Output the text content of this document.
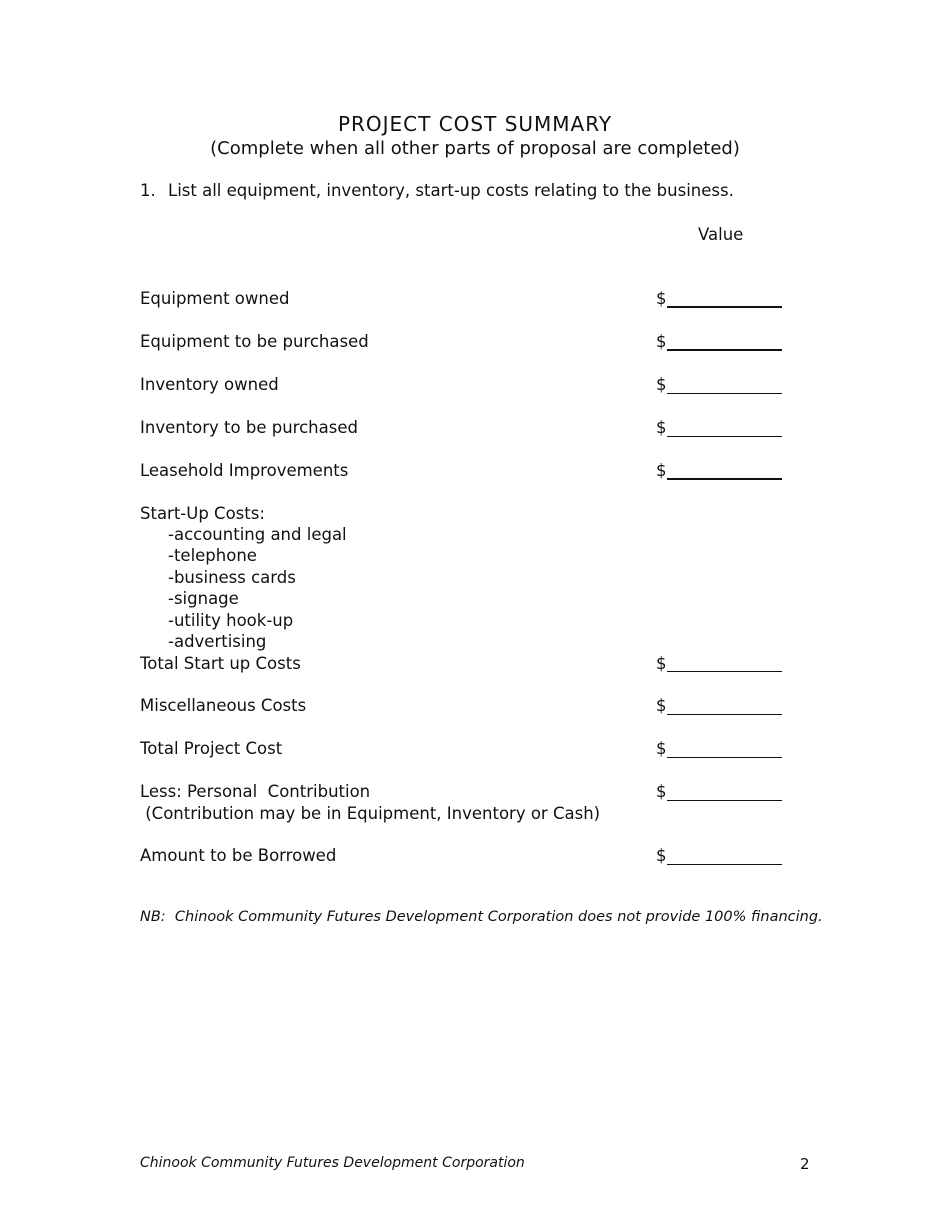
PROJECT COST SUMMARY
(Complete when all other parts of proposal are completed)
1. List all equipment, inventory, start-up costs relating to the business.
Value
Equipment owned	$
Equipment to be purchased	$
Inventory owned	$
Inventory to be purchased	$
Leasehold Improvements	$
Start-Up Costs:
-accounting and legal
-telephone
-business cards
-signage
-utility hook-up
-advertising
Total Start up Costs	$
Miscellaneous Costs	$
Total Project Cost	$
Less: Personal  Contribution	$
(Contribution may be in Equipment, Inventory or Cash)
Amount to be Borrowed	$
NB:  Chinook Community Futures Development Corporation does not provide 100% financing.
Chinook Community Futures Development Corporation	2
